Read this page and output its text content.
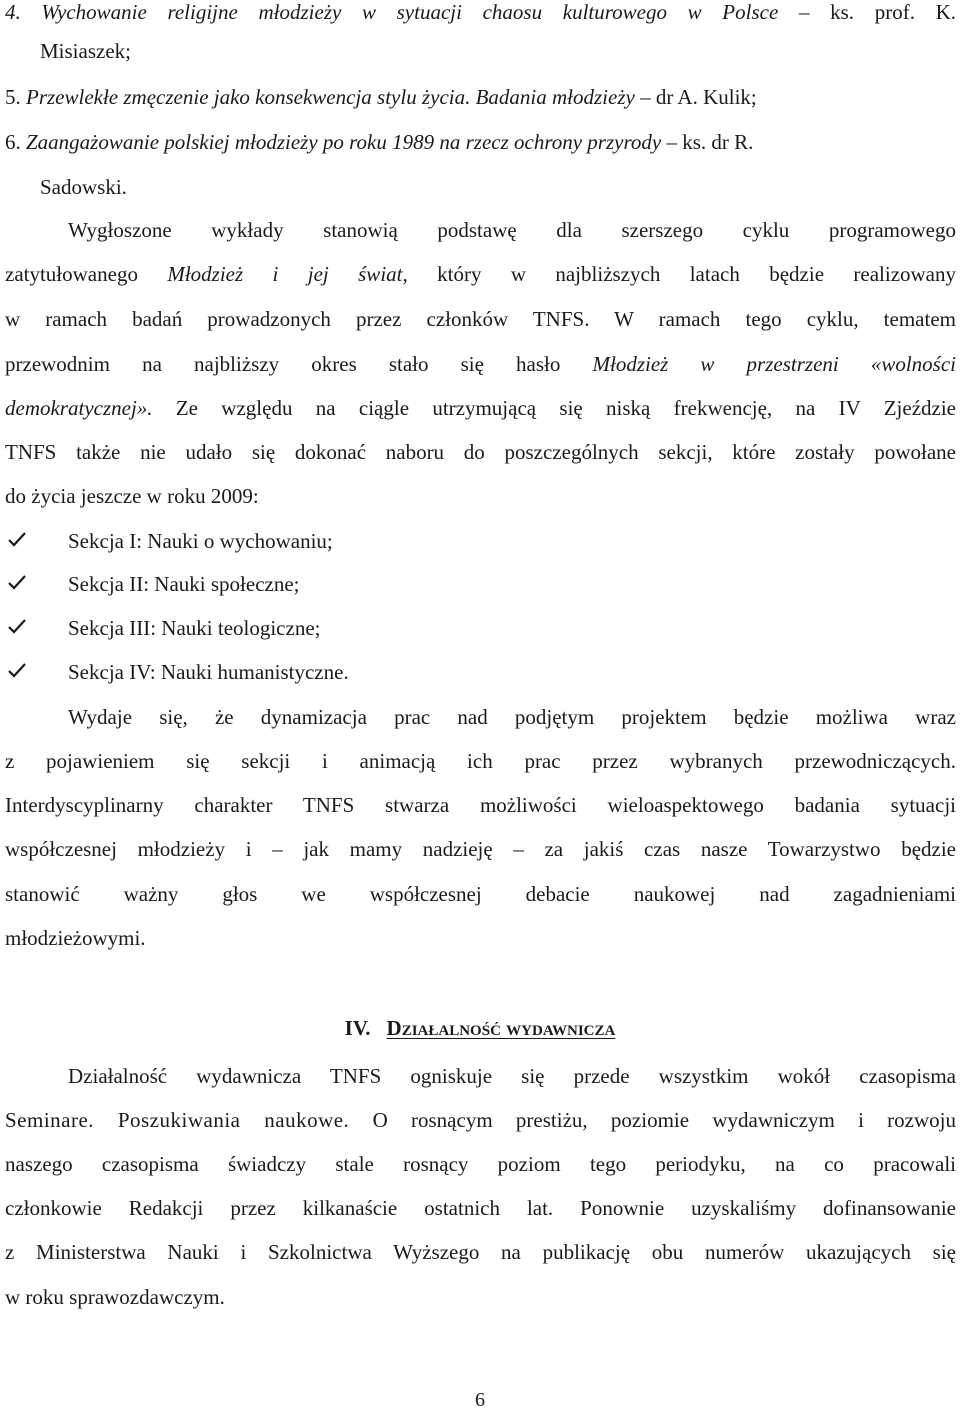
4. Wychowanie religijne młodzieży w sytuacji chaosu kulturowego w Polsce – ks. prof. K.
Misiaszek;
5. Przewlekłe zmęczenie jako konsekwencja stylu życia. Badania młodzieży – dr A. Kulik;
6. Zaangażowanie polskiej młodzieży po roku 1989 na rzecz ochrony przyrody – ks. dr R.
Sadowski.
Wygłoszone wykłady stanowią podstawę dla szerszego cyklu programowego
zatytułowanego Młodzież i jej świat, który w najbliższych latach będzie realizowany
w ramach badań prowadzonych przez członków TNFS. W ramach tego cyklu, tematem
przewodnim na najbliższy okres stało się hasło Młodzież w przestrzeni «wolności
demokratycznej». Ze względu na ciągle utrzymującą się niską frekwencję, na IV Zjeździe
TNFS także nie udało się dokonać naboru do poszczególnych sekcji, które zostały powołane
do życia jeszcze w roku 2009:
Sekcja I: Nauki o wychowaniu;
Sekcja II: Nauki społeczne;
Sekcja III: Nauki teologiczne;
Sekcja IV: Nauki humanistyczne.
Wydaje się, że dynamizacja prac nad podjętym projektem będzie możliwa wraz
z pojawieniem się sekcji i animacją ich prac przez wybranych przewodniczących.
Interdyscyplinarny charakter TNFS stwarza możliwości wieloaspektowego badania sytuacji
współczesnej młodzieży i – jak mamy nadzieję – za jakiś czas nasze Towarzystwo będzie
stanowić ważny głos we współczesnej debacie naukowej nad zagadnieniami
młodzieżowymi.
IV. Działalność wydawnicza
Działalność wydawnicza TNFS ogniskuje się przede wszystkim wokół czasopisma
Seminare. Poszukiwania naukowe. O rosnącym prestiżu, poziomie wydawniczym i rozwoju
naszego czasopisma świadczy stale rosnący poziom tego periodyku, na co pracowali
członkowie Redakcji przez kilkanaście ostatnich lat. Ponownie uzyskaliśmy dofinansowanie
z Ministerstwa Nauki i Szkolnictwa Wyższego na publikację obu numerów ukazujących się
w roku sprawozdawczym.
6
